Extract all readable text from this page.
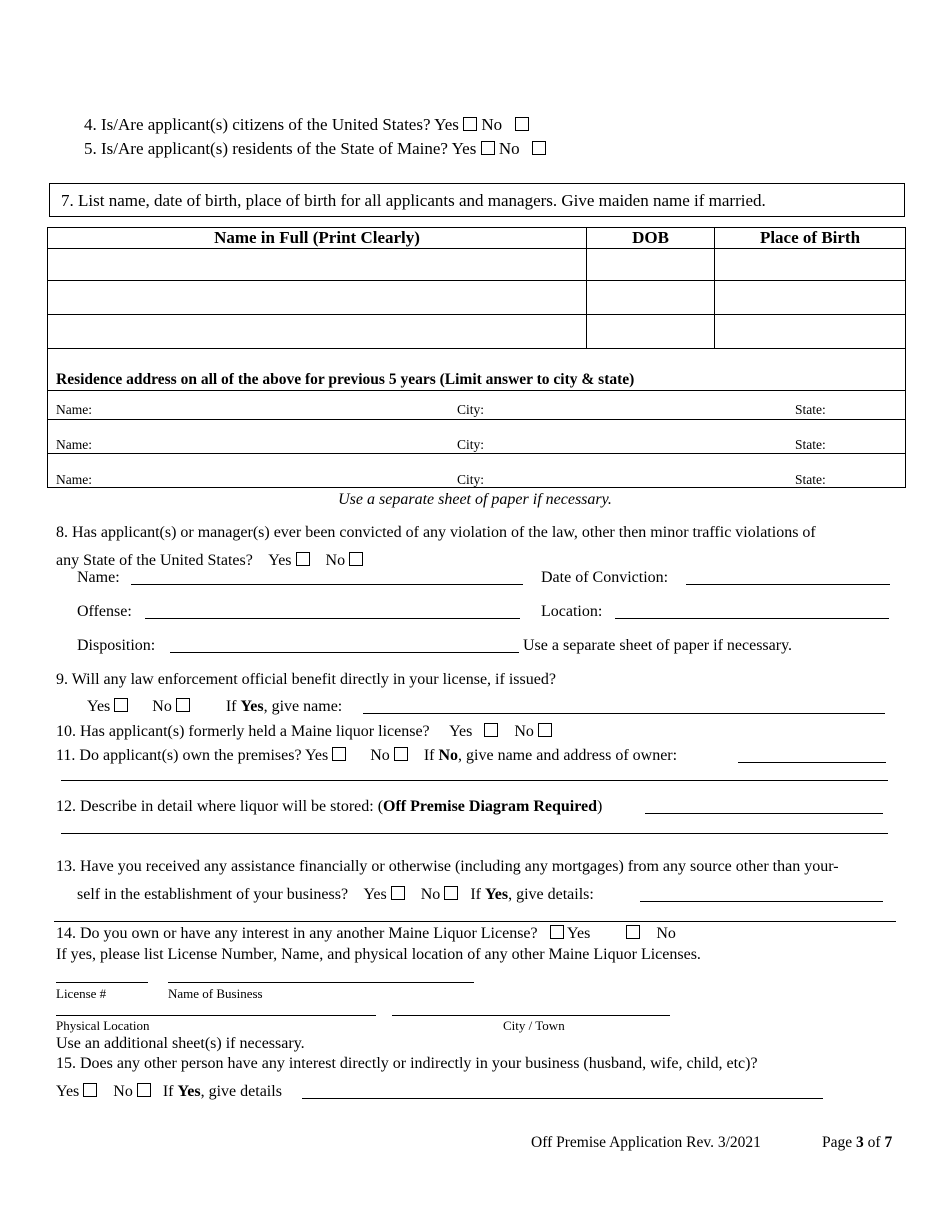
4. Is/Are applicant(s) citizens of the United States? Yes No
5. Is/Are applicant(s) residents of the State of Maine? Yes No
7. List name, date of birth, place of birth for all applicants and managers. Give maiden name if married.
Name in Full (Print Clearly)	DOB	Place of Birth

Residence address on all of the above for previous 5 years (Limit answer to city & state)
Name:	City:	State:
Name:	City:	State:
Name:	City:	State:
Use a separate sheet of paper if necessary.
8. Has applicant(s) or manager(s) ever been convicted of any violation of the law, other then minor traffic violations of
any State of the United States? Yes No
Name:	Date of Conviction:
Offense:	Location:
Disposition:	Use a separate sheet of paper if necessary.
9. Will any law enforcement official benefit directly in your license, if issued?
Yes	No	If Yes, give name:
10. Has applicant(s) formerly held a Maine liquor license? Yes	No
11. Do applicant(s) own the premises? Yes	No If No, give name and address of owner:
12. Describe in detail where liquor will be stored: (Off Premise Diagram Required)
13. Have you received any assistance financially or otherwise (including any mortgages) from any source other than your-
self in the establishment of your business? Yes No If Yes, give details:
14. Do you own or have any interest in any another Maine Liquor License? Yes	No
If yes, please list License Number, Name, and physical location of any other Maine Liquor Licenses.
License #	Name of Business
Physical Location	City / Town
Use an additional sheet(s) if necessary.
15. Does any other person have any interest directly or indirectly in your business (husband, wife, child, etc)?
Yes No If Yes, give details
Off Premise Application Rev. 3/2021	Page 3 of 7
